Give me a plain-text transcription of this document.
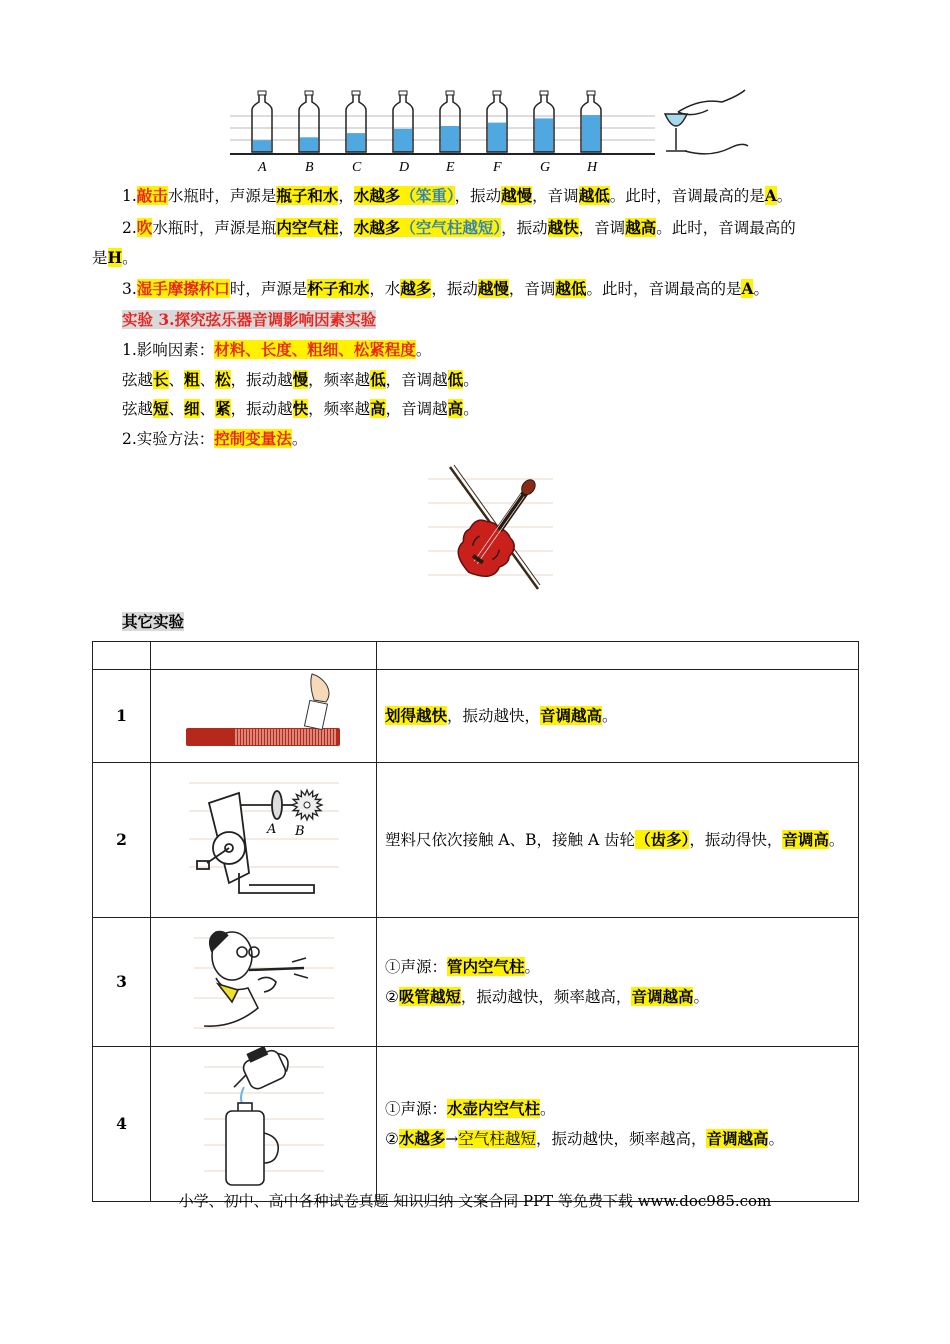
A	B	C	D	E	F	G	H
1.敲击水瓶时，声源是瓶子和水，水越多（笨重），振动越慢，音调越低。此时，音调最高的是A。
2.吹水瓶时，声源是瓶内空气柱，水越多（空气柱越短），振动越快，音调越高。此时，音调最高的
是H。
3.湿手摩擦杯口时，声源是杯子和水，水越多，振动越慢，音调越低。此时，音调最高的是A。
实验 3.探究弦乐器音调影响因素实验
1.影响因素：材料、长度、粗细、松紧程度。
弦越长、粗、松，振动越慢，频率越低，音调越低。
弦越短、细、紧，振动越快，频率越高，音调越高。
2.实验方法：控制变量法。
其它实验

1		划得越快，振动越快，音调越高。
2	A B	塑料尺依次接触 A、B，接触 A 齿轮（齿多），振动得快，音调高。
3		①声源：管内空气柱。
②吸管越短，振动越快，频率越高，音调越高。

4		①声源：水壶内空气柱。
②水越多→空气柱越短，振动越快，频率越高，音调越高。
小学、初中、高中各种试卷真题 知识归纳 文案合同 PPT 等免费下载 www.doc985.com
